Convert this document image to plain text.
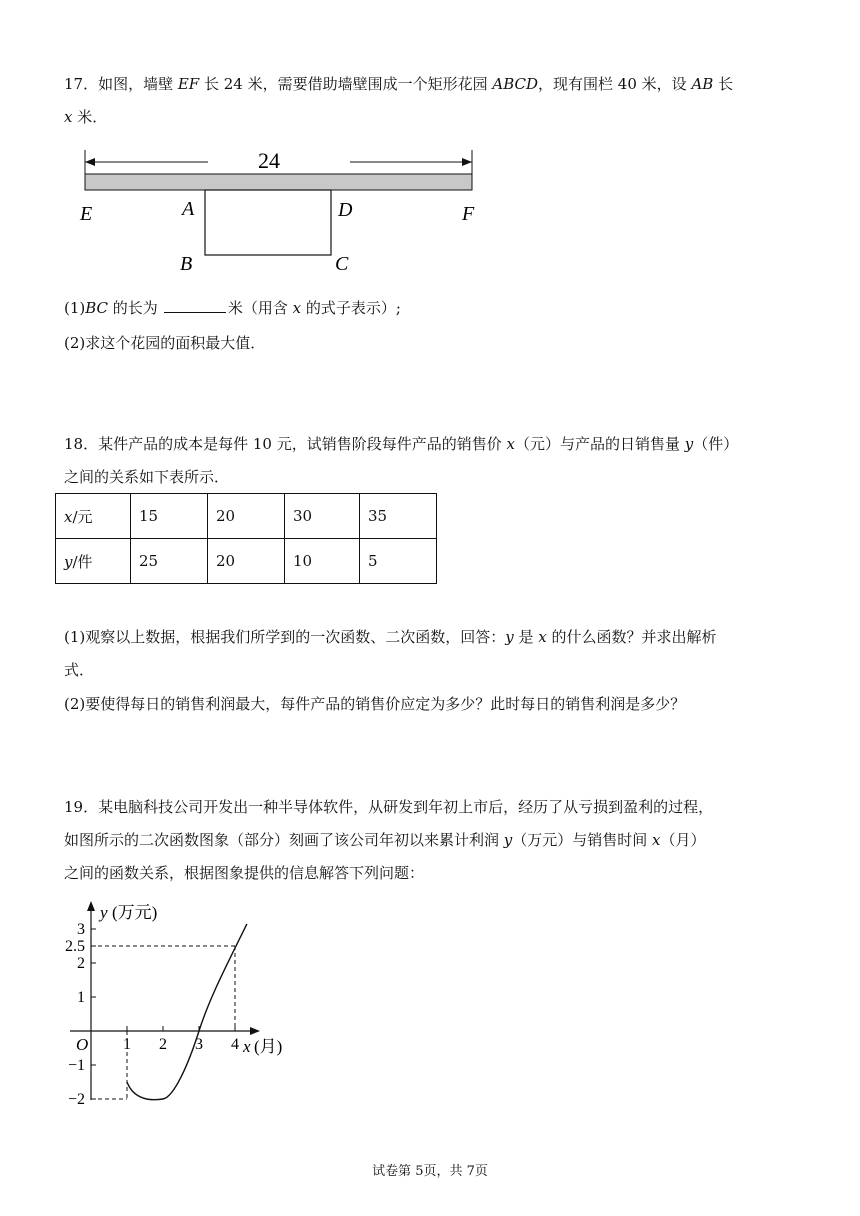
17．如图，墙壁 EF 长 24 米，需要借助墙壁围成一个矩形花园 ABCD，现有围栏 40 米，设 AB 长
x 米．
24
E	A	D	F
B	C
(1)BC 的长为	米（用含 x 的式子表示）;
(2)求这个花园的面积最大值．
18．某件产品的成本是每件 10 元，试销售阶段每件产品的销售价 x（元）与产品的日销售量 y（件）
之间的关系如下表所示．
x/元	15	20	30	35
y/件	25	20	10	5
(1)观察以上数据，根据我们所学到的一次函数、二次函数，回答：y 是 x 的什么函数？并求出解析
式．
(2)要使得每日的销售利润最大，每件产品的销售价应定为多少？此时每日的销售利润是多少？
19．某电脑科技公司开发出一种半导体软件，从研发到年初上市后，经历了从亏损到盈利的过程，
如图所示的二次函数图象（部分）刻画了该公司年初以来累计利润 y（万元）与销售时间 x（月）
之间的函数关系，根据图象提供的信息解答下列问题：
y (万元)
x (月)
O 1 2 3 4
3
2.5
2
1
−1
−2
试卷第 5页，共 7页
